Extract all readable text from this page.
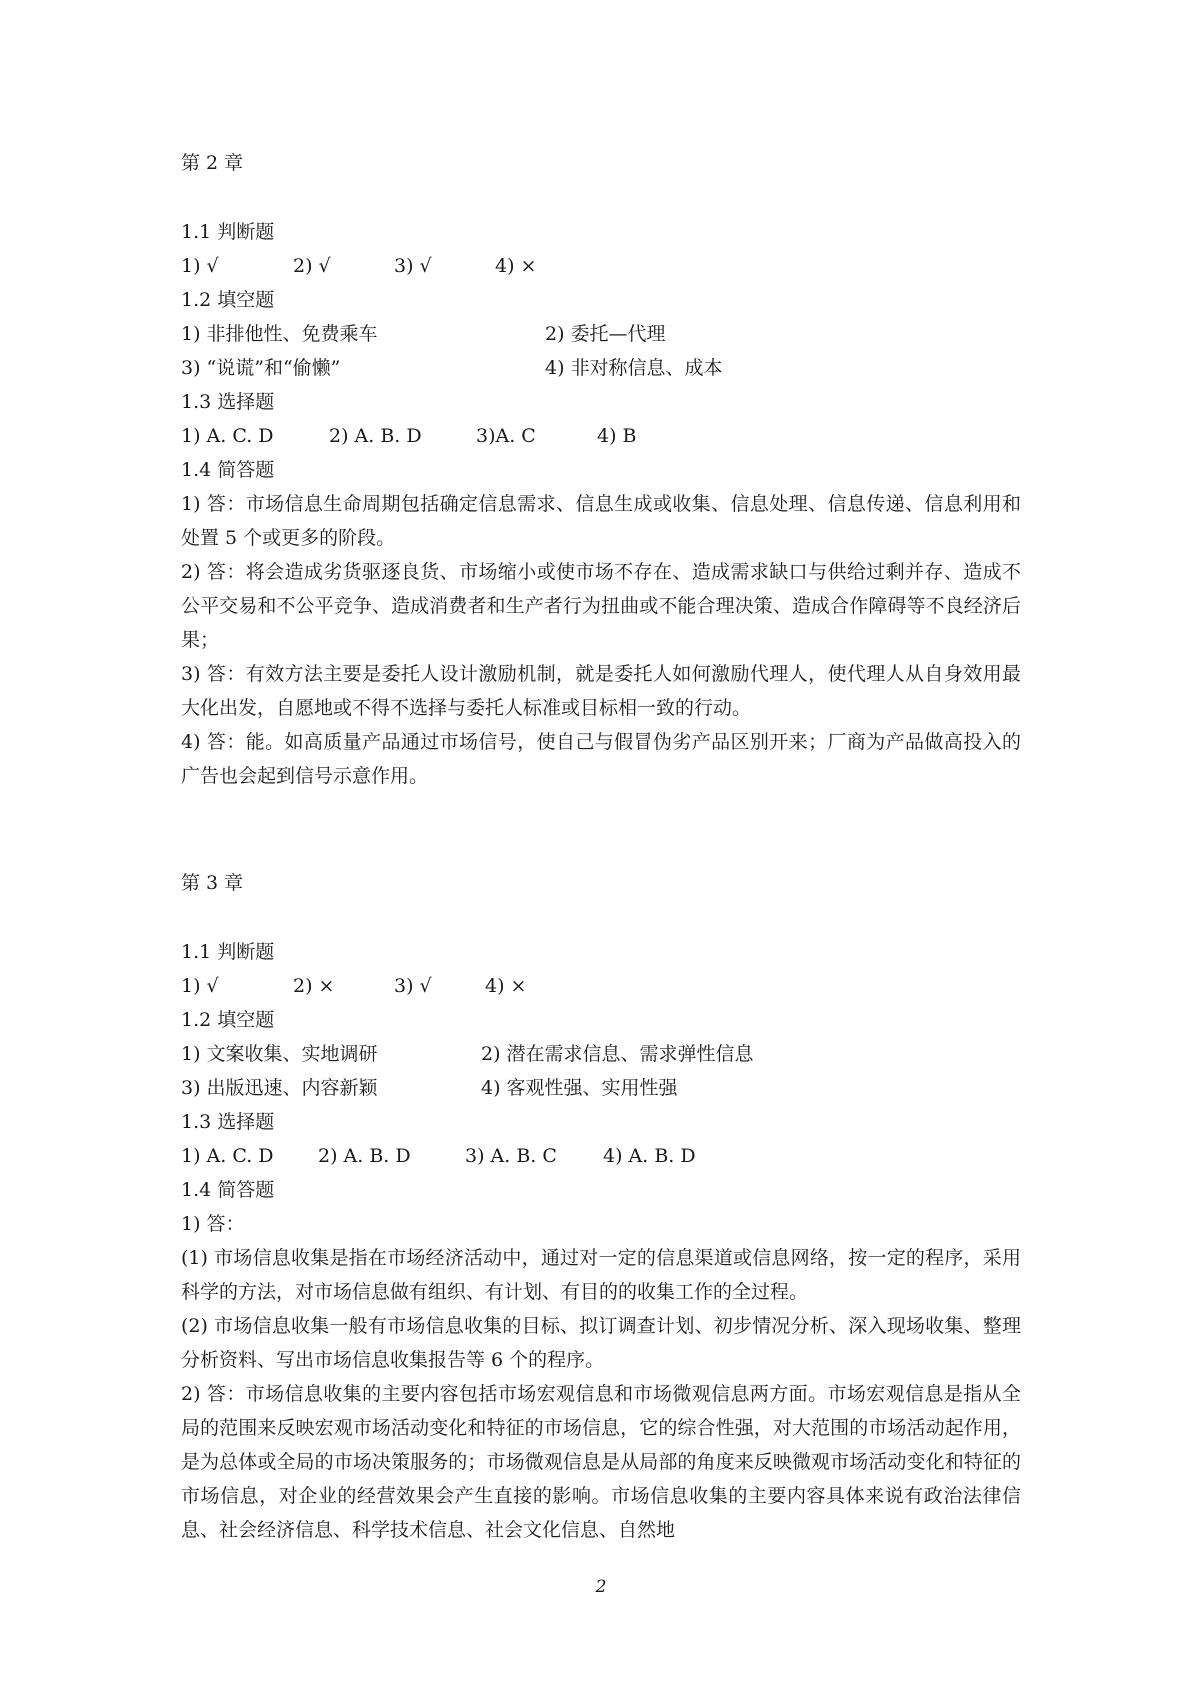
第 2 章
1.1 判断题
1) √	2) √	3) √	4) ×
1.2 填空题
1) 非排他性、免费乘车	2) 委托—代理
3) “说谎”和“偷懒”	4) 非对称信息、成本
1.3 选择题
1) A. C. D	2) A. B. D	3)A. C	4) B
1.4 简答题
1) 答：市场信息生命周期包括确定信息需求、信息生成或收集、信息处理、信息传递、信息利用和处置 5 个或更多的阶段。
2) 答：将会造成劣货驱逐良货、市场缩小或使市场不存在、造成需求缺口与供给过剩并存、造成不公平交易和不公平竞争、造成消费者和生产者行为扭曲或不能合理决策、造成合作障碍等不良经济后果；
3) 答：有效方法主要是委托人设计激励机制，就是委托人如何激励代理人，使代理人从自身效用最大化出发，自愿地或不得不选择与委托人标准或目标相一致的行动。
4) 答：能。如高质量产品通过市场信号，使自己与假冒伪劣产品区别开来；厂商为产品做高投入的广告也会起到信号示意作用。
第 3 章
1.1 判断题
1) √	2) ×	3) √	4) ×
1.2 填空题
1) 文案收集、实地调研	2) 潜在需求信息、需求弹性信息
3) 出版迅速、内容新颖	4) 客观性强、实用性强
1.3 选择题
1) A. C. D 2) A. B. D	3) A. B. C 4) A. B. D
1.4 简答题
1) 答：
(1) 市场信息收集是指在市场经济活动中，通过对一定的信息渠道或信息网络，按一定的程序，采用科学的方法，对市场信息做有组织、有计划、有目的的收集工作的全过程。
(2) 市场信息收集一般有市场信息收集的目标、拟订调查计划、初步情况分析、深入现场收集、整理分析资料、写出市场信息收集报告等 6 个的程序。
2) 答：市场信息收集的主要内容包括市场宏观信息和市场微观信息两方面。市场宏观信息是指从全局的范围来反映宏观市场活动变化和特征的市场信息，它的综合性强，对大范围的市场活动起作用，是为总体或全局的市场决策服务的；市场微观信息是从局部的角度来反映微观市场活动变化和特征的市场信息，对企业的经营效果会产生直接的影响。市场信息收集的主要内容具体来说有政治法律信息、社会经济信息、科学技术信息、社会文化信息、自然地
2
